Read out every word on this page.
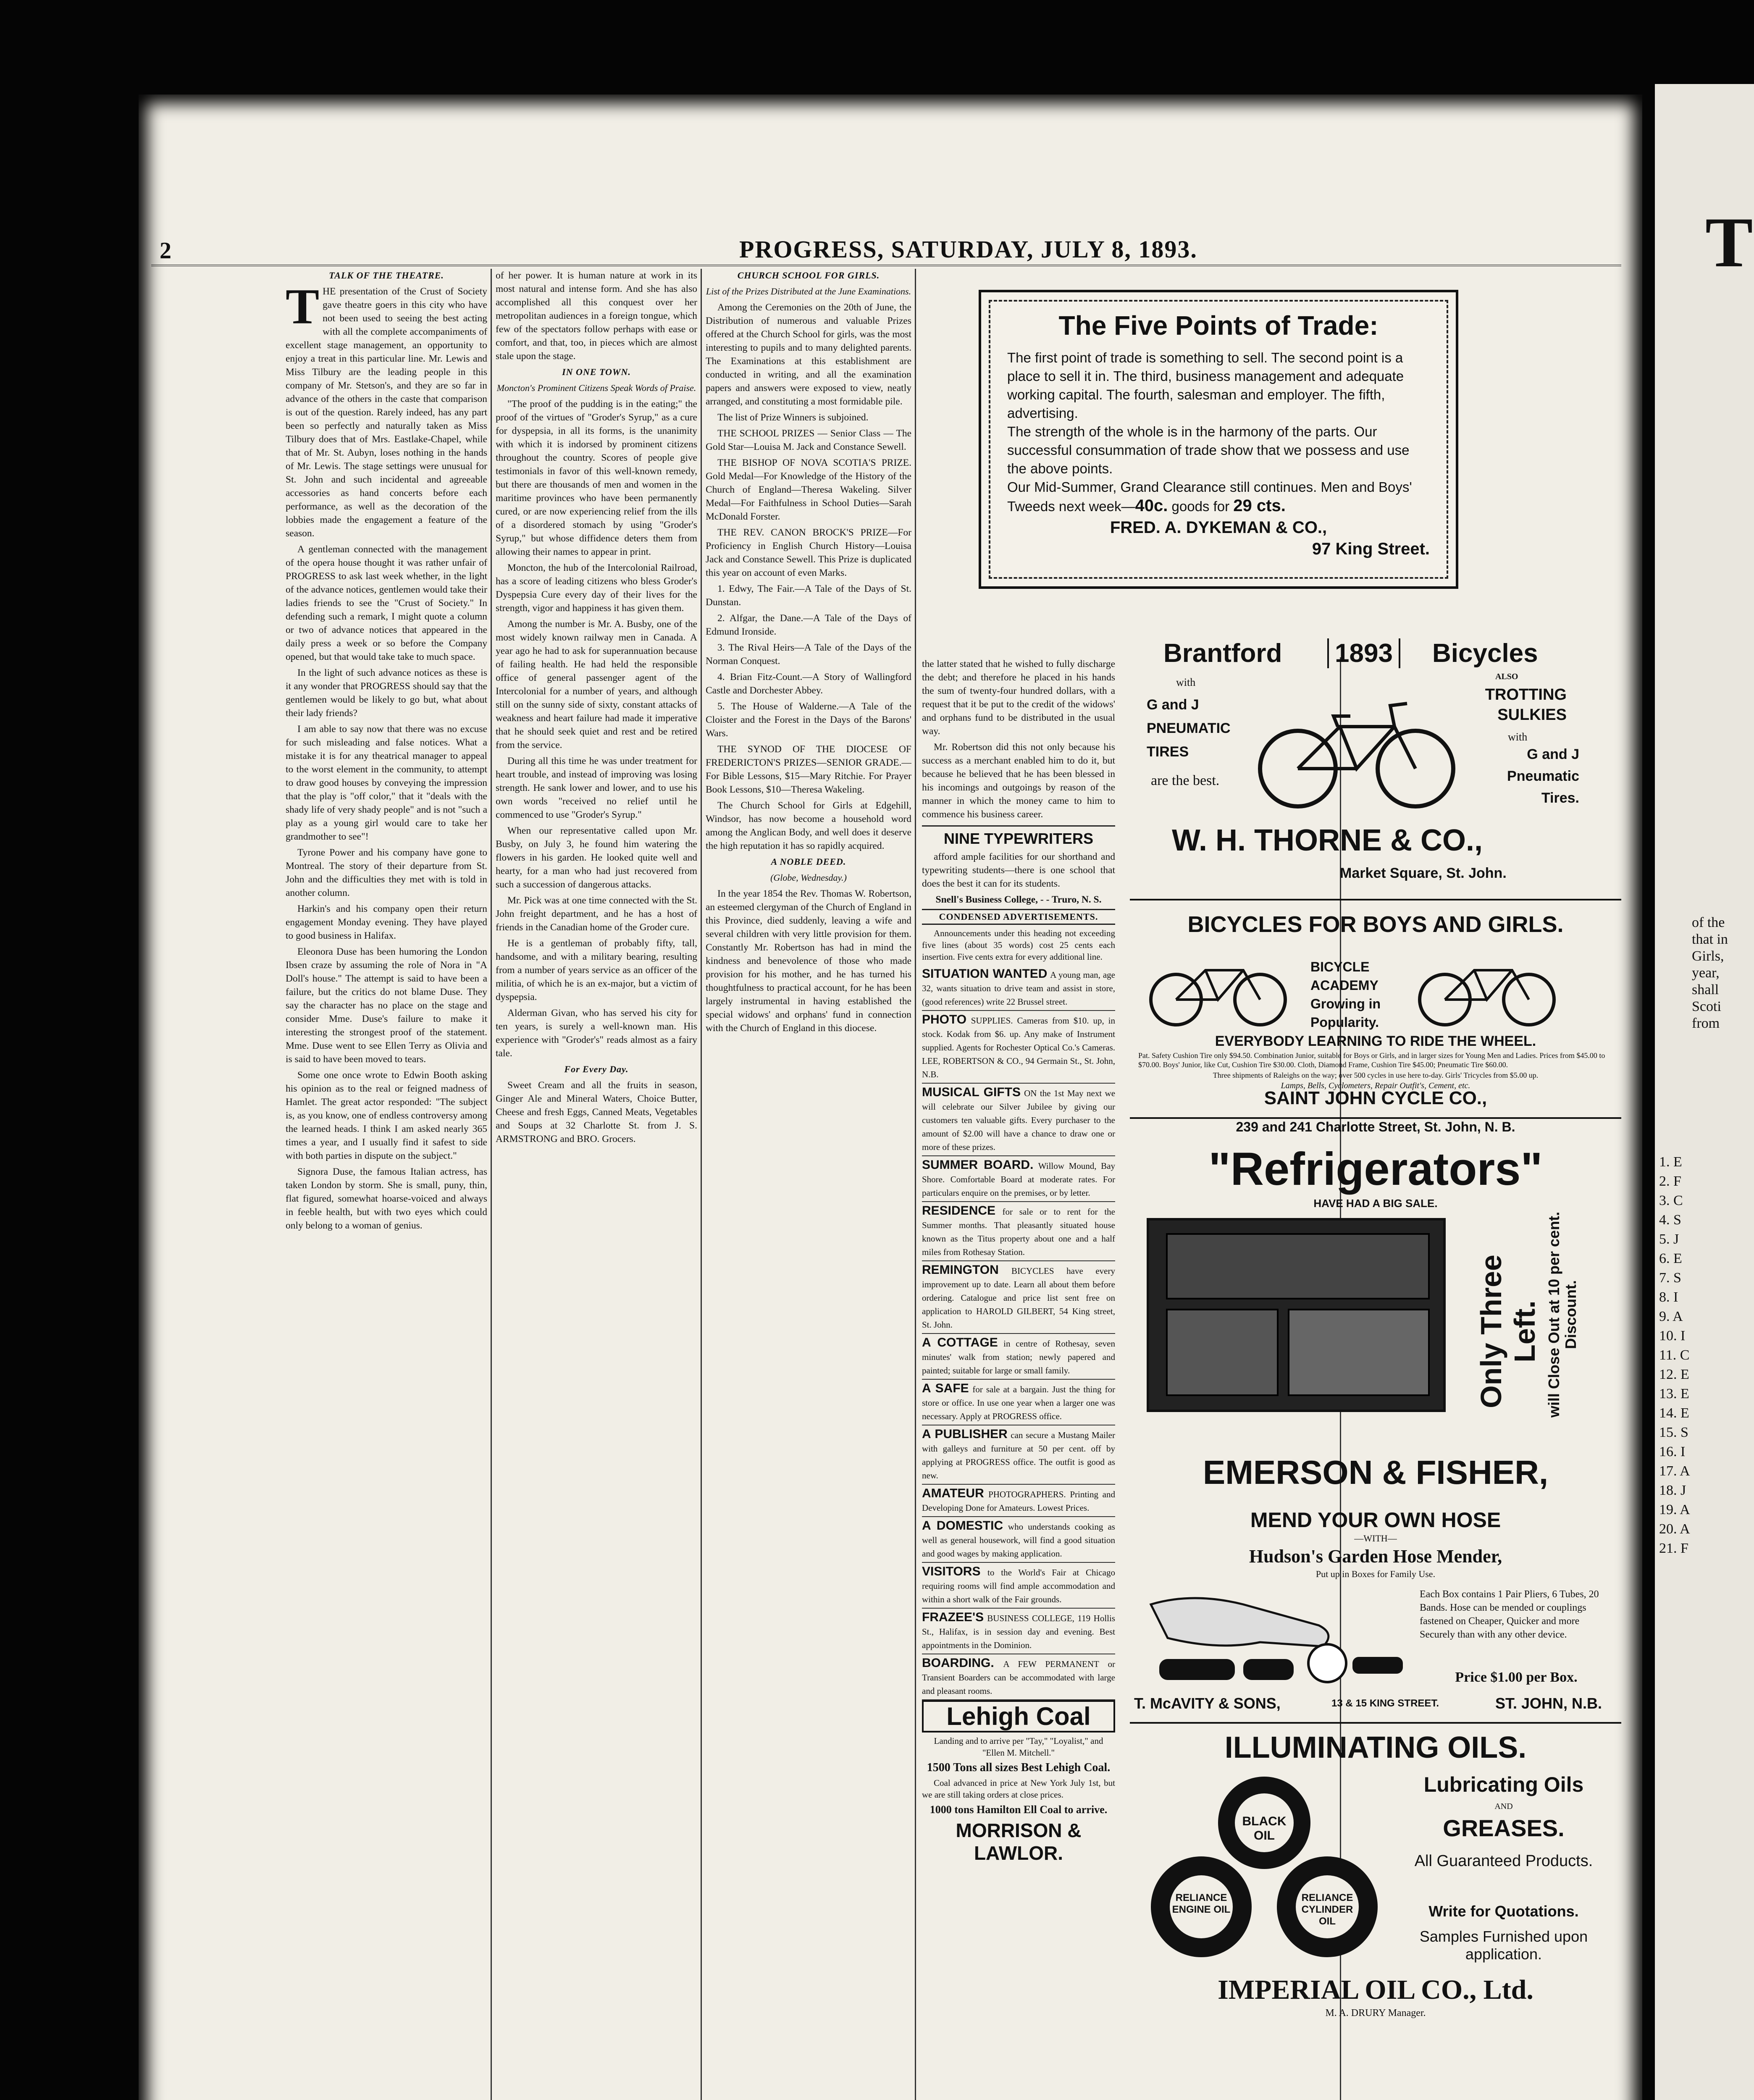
T
of the
that in
Girls,
year,
shall
Scoti
from
1. E
2. F
3. C
4. S
5. J
6. E
7. S
8. I
9. A
10. I
11. C
12. E
13. E
14. E
15. S
16. I
17. A
18. J
19. A
20. A
21. F
2	PROGRESS, SATURDAY, JULY 8, 1893.

TALK OF THE THEATRE.

THE presentation of the Crust of Society gave theatre goers in this city who have not been used to seeing the best acting with all the complete accompaniments of excellent stage management, an opportunity to enjoy a treat in this particular line. Mr. Lewis and Miss Tilbury are the leading people in this company of Mr. Stetson's, and they are so far in advance of the others in the caste that comparison is out of the question. Rarely indeed, has any part been so perfectly and naturally taken as Miss Tilbury does that of Mrs. Eastlake-Chapel, while that of Mr. St. Aubyn, loses nothing in the hands of Mr. Lewis. The stage settings were unusual for St. John and such incidental and agreeable accessories as hand concerts before each performance, as well as the decoration of the lobbies made the engagement a feature of the season.

A gentleman connected with the management of the opera house thought it was rather unfair of PROGRESS to ask last week whether, in the light of the advance notices, gentlemen would take their ladies friends to see the "Crust of Society." In defending such a remark, I might quote a column or two of advance notices that appeared in the daily press a week or so before the Company opened, but that would take take to much space.

In the light of such advance notices as these is it any wonder that PROGRESS should say that the gentlemen would be likely to go but, what about their lady friends?

I am able to say now that there was no excuse for such misleading and false notices. What a mistake it is for any theatrical manager to appeal to the worst element in the community, to attempt to draw good houses by conveying the impression that the play is "off color," that it "deals with the shady life of very shady people" and is not "such a play as a young girl would care to take her grandmother to see"!

Tyrone Power and his company have gone to Montreal. The story of their departure from St. John and the difficulties they met with is told in another column.

Harkin's and his company open their return engagement Monday evening. They have played to good business in Halifax.

Eleonora Duse has been humoring the London Ibsen craze by assuming the role of Nora in "A Doll's house." The attempt is said to have been a failure, but the critics do not blame Duse. They say the character has no place on the stage and consider Mme. Duse's failure to make it interesting the strongest proof of the statement. Mme. Duse went to see Ellen Terry as Olivia and is said to have been moved to tears.

Some one once wrote to Edwin Booth asking his opinion as to the real or feigned madness of Hamlet. The great actor responded: "The subject is, as you know, one of endless controversy among the learned heads. I think I am asked nearly 365 times a year, and I usually find it safest to side with both parties in dispute on the subject."

Signora Duse, the famous Italian actress, has taken London by storm. She is small, puny, thin, flat figured, somewhat hoarse-voiced and always in feeble health, but with two eyes which could only belong to a woman of genius.

of her power. It is human nature at work in its most natural and intense form. And she has also accomplished all this conquest over her metropolitan audiences in a foreign tongue, which few of the spectators follow perhaps with ease or comfort, and that, too, in pieces which are almost stale upon the stage.

IN ONE TOWN.

Moncton's Prominent Citizens Speak Words of Praise.

"The proof of the pudding is in the eating;" the proof of the virtues of "Groder's Syrup," as a cure for dyspepsia, in all its forms, is the unanimity with which it is indorsed by prominent citizens throughout the country. Scores of people give testimonials in favor of this well-known remedy, but there are thousands of men and women in the maritime provinces who have been permanently cured, or are now experiencing relief from the ills of a disordered stomach by using "Groder's Syrup," but whose diffidence deters them from allowing their names to appear in print.

Moncton, the hub of the Intercolonial Railroad, has a score of leading citizens who bless Groder's Dyspepsia Cure every day of their lives for the strength, vigor and happiness it has given them.

Among the number is Mr. A. Busby, one of the most widely known railway men in Canada. A year ago he had to ask for superannuation because of failing health. He had held the responsible office of general passenger agent of the Intercolonial for a number of years, and although still on the sunny side of sixty, constant attacks of weakness and heart failure had made it imperative that he should seek quiet and rest and be retired from the service.

During all this time he was under treatment for heart trouble, and instead of improving was losing strength. He sank lower and lower, and to use his own words "received no relief until he commenced to use "Groder's Syrup."

When our representative called upon Mr. Busby, on July 3, he found him watering the flowers in his garden. He looked quite well and hearty, for a man who had just recovered from such a succession of dangerous attacks.

Mr. Pick was at one time connected with the St. John freight department, and he has a host of friends in the Canadian home of the Groder cure.

He is a gentleman of probably fifty, tall, handsome, and with a military bearing, resulting from a number of years service as an officer of the militia, of which he is an ex-major, but a victim of dyspepsia.

Alderman Givan, who has served his city for ten years, is surely a well-known man. His experience with "Groder's" reads almost as a fairy tale.

For Every Day.

Sweet Cream and all the fruits in season, Ginger Ale and Mineral Waters, Choice Butter, Cheese and fresh Eggs, Canned Meats, Vegetables and Soups at 32 Charlotte St. from J. S. ARMSTRONG and BRO. Grocers.

CHURCH SCHOOL FOR GIRLS.

List of the Prizes Distributed at the June Examinations.

Among the Ceremonies on the 20th of June, the Distribution of numerous and valuable Prizes offered at the Church School for girls, was the most interesting to pupils and to many delighted parents. The Examinations at this establishment are conducted in writing, and all the examination papers and answers were exposed to view, neatly arranged, and constituting a most formidable pile.

The list of Prize Winners is subjoined.

THE SCHOOL PRIZES — Senior Class — The Gold Star—Louisa M. Jack and Constance Sewell.

THE BISHOP OF NOVA SCOTIA'S PRIZE. Gold Medal—For Knowledge of the History of the Church of England—Theresa Wakeling. Silver Medal—For Faithfulness in School Duties—Sarah McDonald Forster.

THE REV. CANON BROCK'S PRIZE—For Proficiency in English Church History—Louisa Jack and Constance Sewell. This Prize is duplicated this year on account of even Marks.

1. Edwy, The Fair.—A Tale of the Days of St. Dunstan.

2. Alfgar, the Dane.—A Tale of the Days of Edmund Ironside.

3. The Rival Heirs—A Tale of the Days of the Norman Conquest.

4. Brian Fitz-Count.—A Story of Wallingford Castle and Dorchester Abbey.

5. The House of Walderne.—A Tale of the Cloister and the Forest in the Days of the Barons' Wars.

THE SYNOD OF THE DIOCESE OF FREDERICTON'S PRIZES—SENIOR GRADE.—For Bible Lessons, $15—Mary Ritchie. For Prayer Book Lessons, $10—Theresa Wakeling.

The Church School for Girls at Edgehill, Windsor, has now become a household word among the Anglican Body, and well does it deserve the high reputation it has so rapidly acquired.

A NOBLE DEED.

(Globe, Wednesday.)

In the year 1854 the Rev. Thomas W. Robertson, an esteemed clergyman of the Church of England in this Province, died suddenly, leaving a wife and several children with very little provision for them. Constantly Mr. Robertson has had in mind the kindness and benevolence of those who made provision for his mother, and he has turned his thoughtfulness to practical account, for he has been largely instrumental in having established the special widows' and orphans' fund in connection with the Church of England in this diocese.

The Five Points of Trade:

The first point of trade is something to sell. The second point is a place to sell it in. The third, business management and adequate working capital. The fourth, salesman and employer. The fifth, advertising.

The strength of the whole is in the harmony of the parts. Our successful consummation of trade show that we possess and use the above points.

Our Mid-Summer, Grand Clearance still continues. Men and Boys' Tweeds next week—40c. goods for 29 cts.

FRED. A. DYKEMAN & CO.,
97 King Street.

the latter stated that he wished to fully discharge the debt; and therefore he placed in his hands the sum of twenty-four hundred dollars, with a request that it be put to the credit of the widows' and orphans fund to be distributed in the usual way.

Mr. Robertson did this not only because his success as a merchant enabled him to do it, but because he believed that he has been blessed in his incomings and outgoings by reason of the manner in which the money came to him to commence his business career.

NINE TYPEWRITERS

afford ample facilities for our shorthand and typewriting students—there is one school that does the best it can for its students.

Snell's Business College, - - Truro, N. S.

CONDENSED ADVERTISEMENTS.

Announcements under this heading not exceeding five lines (about 35 words) cost 25 cents each insertion. Five cents extra for every additional line.

SITUATION WANTED A young man, age 32, wants situation to drive team and assist in store, (good references) write 22 Brussel street.
PHOTO SUPPLIES. Cameras from $10. up, in stock. Kodak from $6. up. Any make of Instrument supplied. Agents for Rochester Optical Co.'s Cameras. LEE, ROBERTSON & CO., 94 Germain St., St. John, N.B.
MUSICAL GIFTS ON the 1st May next we will celebrate our Silver Jubilee by giving our customers ten valuable gifts. Every purchaser to the amount of $2.00 will have a chance to draw one or more of these prizes.
SUMMER BOARD. Willow Mound, Bay Shore. Comfortable Board at moderate rates. For particulars enquire on the premises, or by letter.
RESIDENCE for sale or to rent for the Summer months. That pleasantly situated house known as the Titus property about one and a half miles from Rothesay Station.
REMINGTON BICYCLES have every improvement up to date. Learn all about them before ordering. Catalogue and price list sent free on application to HAROLD GILBERT, 54 King street, St. John.
A COTTAGE in centre of Rothesay, seven minutes' walk from station; newly papered and painted; suitable for large or small family.
A SAFE for sale at a bargain. Just the thing for store or office. In use one year when a larger one was necessary. Apply at PROGRESS office.
A PUBLISHER can secure a Mustang Mailer with galleys and furniture at 50 per cent. off by applying at PROGRESS office. The outfit is good as new.
AMATEUR PHOTOGRAPHERS. Printing and Developing Done for Amateurs. Lowest Prices.
A DOMESTIC who understands cooking as well as general housework, will find a good situation and good wages by making application.
VISITORS to the World's Fair at Chicago requiring rooms will find ample accommodation and within a short walk of the Fair grounds.
FRAZEE'S BUSINESS COLLEGE, 119 Hollis St., Halifax, is in session day and evening. Best appointments in the Dominion.
BOARDING. A FEW PERMANENT or Transient Boarders can be accommodated with large and pleasant rooms.

Lehigh Coal

Landing and to arrive per "Tay," "Loyalist," and "Ellen M. Mitchell."

1500 Tons all sizes Best Lehigh Coal.

Coal advanced in price at New York July 1st, but we are still taking orders at close prices.

1000 tons Hamilton Ell Coal to arrive.

MORRISON & LAWLOR.

Brantford 1893 Bicycles
with
G and J PNEUMATIC TIRES
are the best.
ALSO
TROTTING SULKIES
with
G and J Pneumatic Tires.
W. H. THORNE & CO.,
Market Square, St. John.
BICYCLES FOR BOYS AND GIRLS.
BICYCLE ACADEMY Growing in Popularity.
EVERYBODY LEARNING TO RIDE THE WHEEL.
Pat. Safety Cushion Tire only $94.50. Combination Junior, suitable for Boys or Girls, and in larger sizes for Young Men and Ladies. Prices from $45.00 to $70.00. Boys' Junior, like Cut, Cushion Tire $30.00. Cloth, Diamond Frame, Cushion Tire $45.00; Pneumatic Tire $60.00.
Three shipments of Raleighs on the way; over 500 cycles in use here to-day. Girls' Tricycles from $5.00 up.
Lamps, Bells, Cyclometers, Repair Outfit's, Cement, etc.
SAINT JOHN CYCLE CO.,
239 and 241 Charlotte Street, St. John, N. B.
"Refrigerators"
HAVE HAD A BIG SALE.
Only Three Left. will Close Out at 10 per cent. Discount.
EMERSON & FISHER,
MEND YOUR OWN HOSE
—WITH—
Hudson's Garden Hose Mender,
Put up in Boxes for Family Use.
Each Box contains 1 Pair Pliers, 6 Tubes, 20 Bands. Hose can be mended or couplings fastened on Cheaper, Quicker and more Securely than with any other device.
Price $1.00 per Box.
T. McAVITY & SONS,	13 & 15 KING STREET.	ST. JOHN, N.B.
ILLUMINATING OILS.
BLACK OIL
RELIANCE ENGINE OIL
RELIANCE CYLINDER OIL
Lubricating Oils
AND
GREASES.
All Guaranteed Products.
Write for Quotations.
Samples Furnished upon application.
IMPERIAL OIL CO., Ltd.
M. A. DRURY Manager.
